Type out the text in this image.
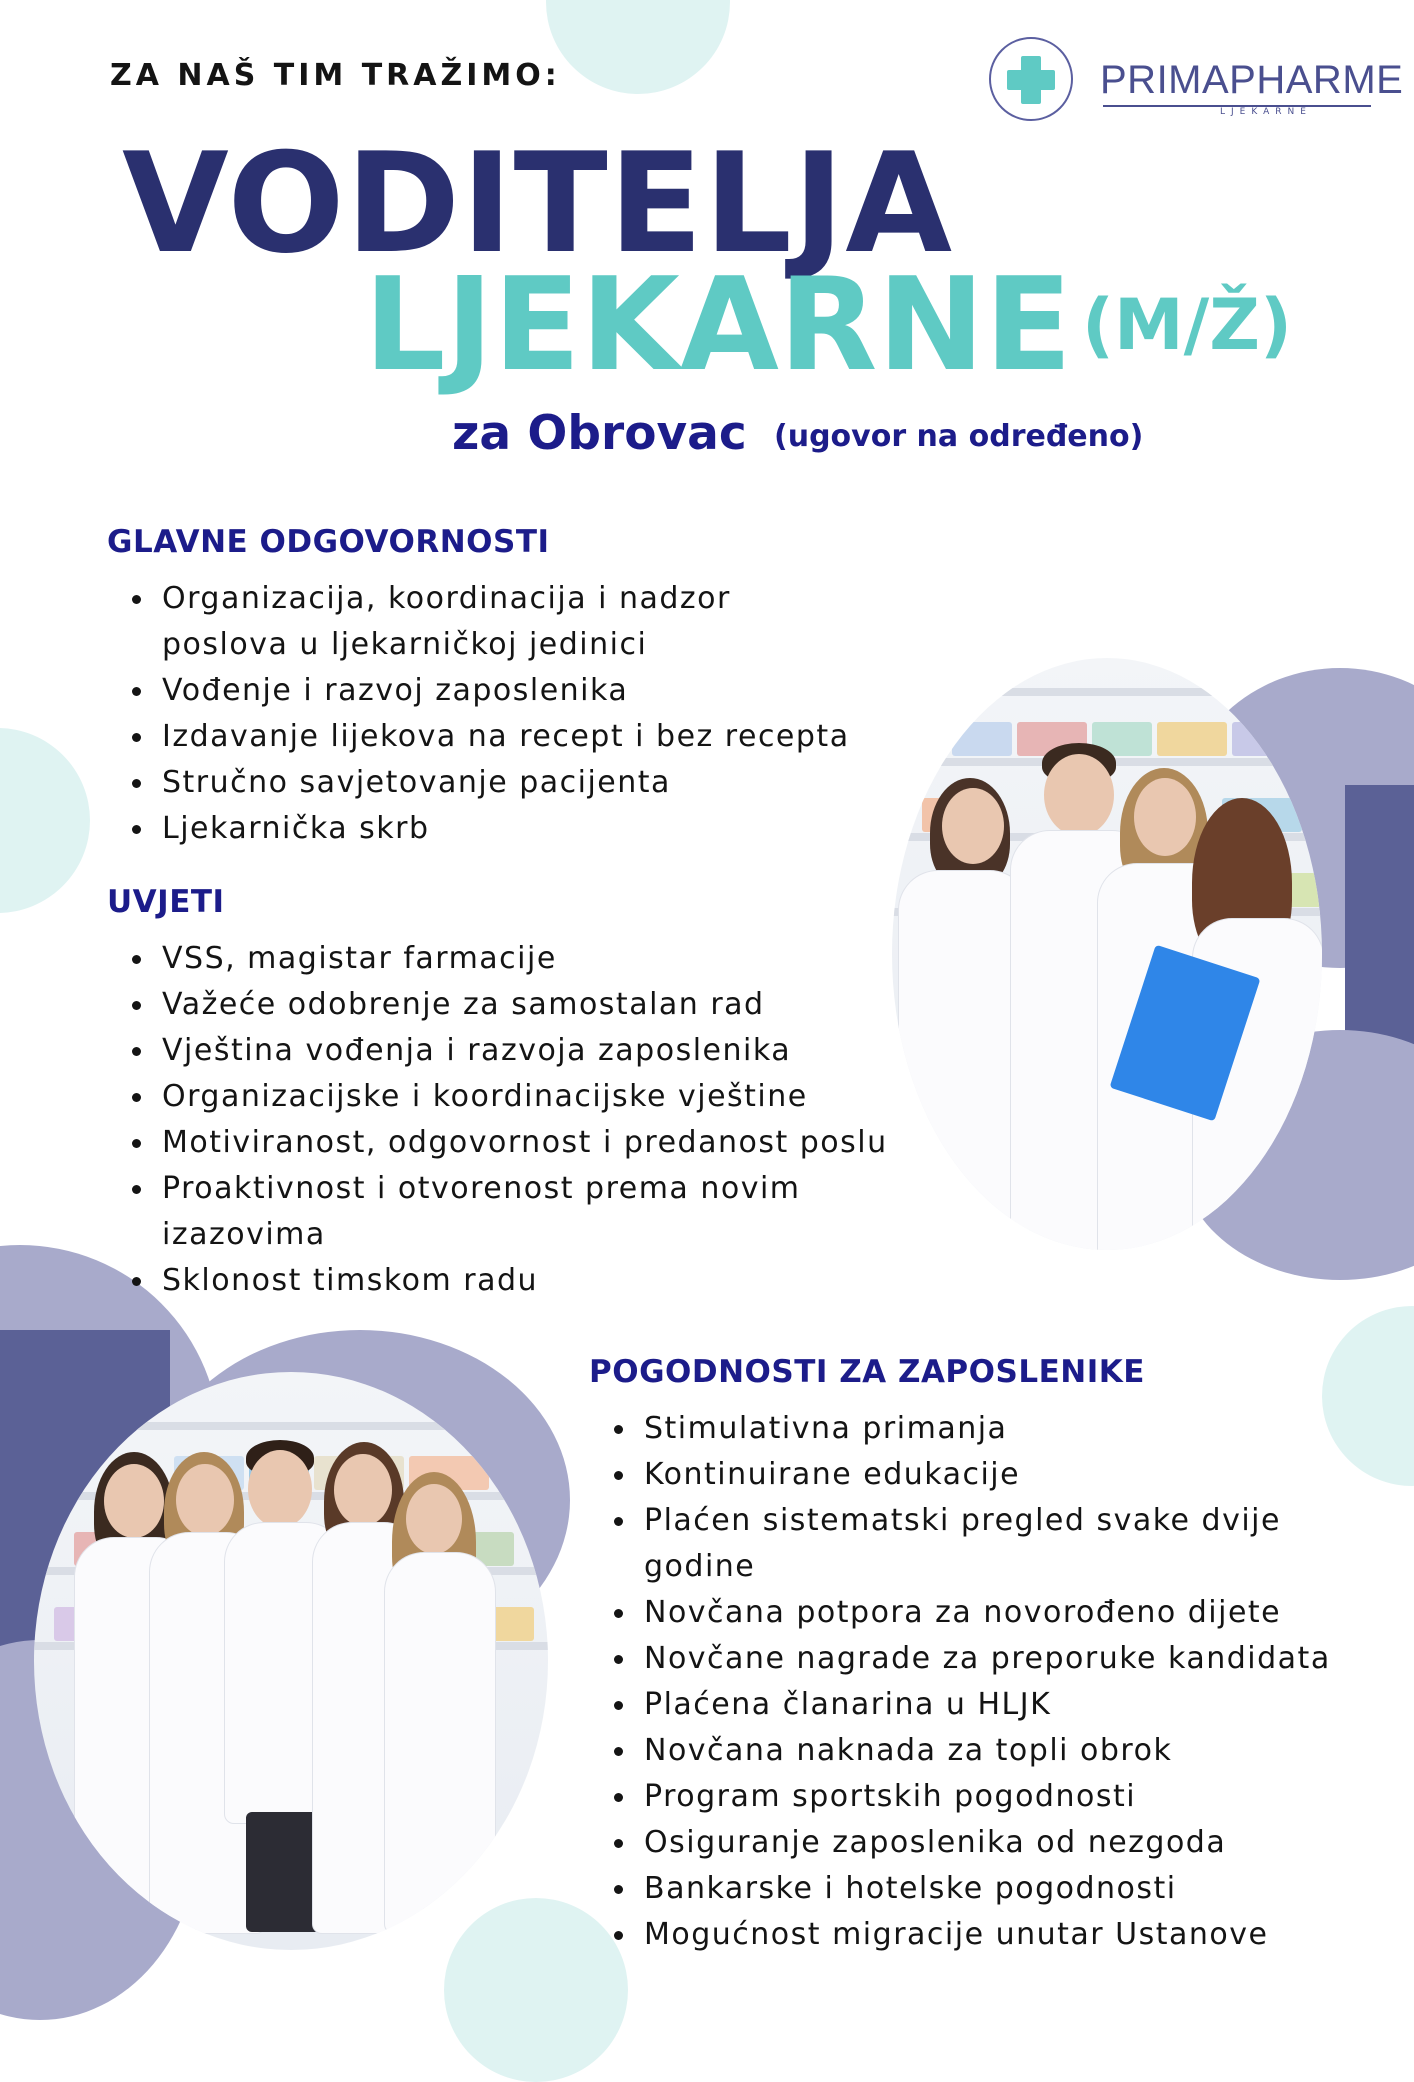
PRIMAPHARME
LJEKARNE
ZA NAŠ TIM TRAŽIMO:
VODITELJA
LJEKARNE (M/Ž)
za Obrovac (ugovor na određeno)
GLAVNE ODGOVORNOSTI
Organizacija, koordinacija i nadzor
poslova u ljekarničkoj jedinici
Vođenje i razvoj zaposlenika
Izdavanje lijekova na recept i bez recepta
Stručno savjetovanje pacijenta
Ljekarnička skrb
UVJETI
VSS, magistar farmacije
Važeće odobrenje za samostalan rad
Vještina vođenja i razvoja zaposlenika
Organizacijske i koordinacijske vještine
Motiviranost, odgovornost i predanost poslu
Proaktivnost i otvorenost prema novim
izazovima
Sklonost timskom radu
POGODNOSTI ZA ZAPOSLENIKE
Stimulativna primanja
Kontinuirane edukacije
Plaćen sistematski pregled svake dvije
godine
Novčana potpora za novorođeno dijete
Novčane nagrade za preporuke kandidata
Plaćena članarina u HLJK
Novčana naknada za topli obrok
Program sportskih pogodnosti
Osiguranje zaposlenika od nezgoda
Bankarske i hotelske pogodnosti
Mogućnost migracije unutar Ustanove
